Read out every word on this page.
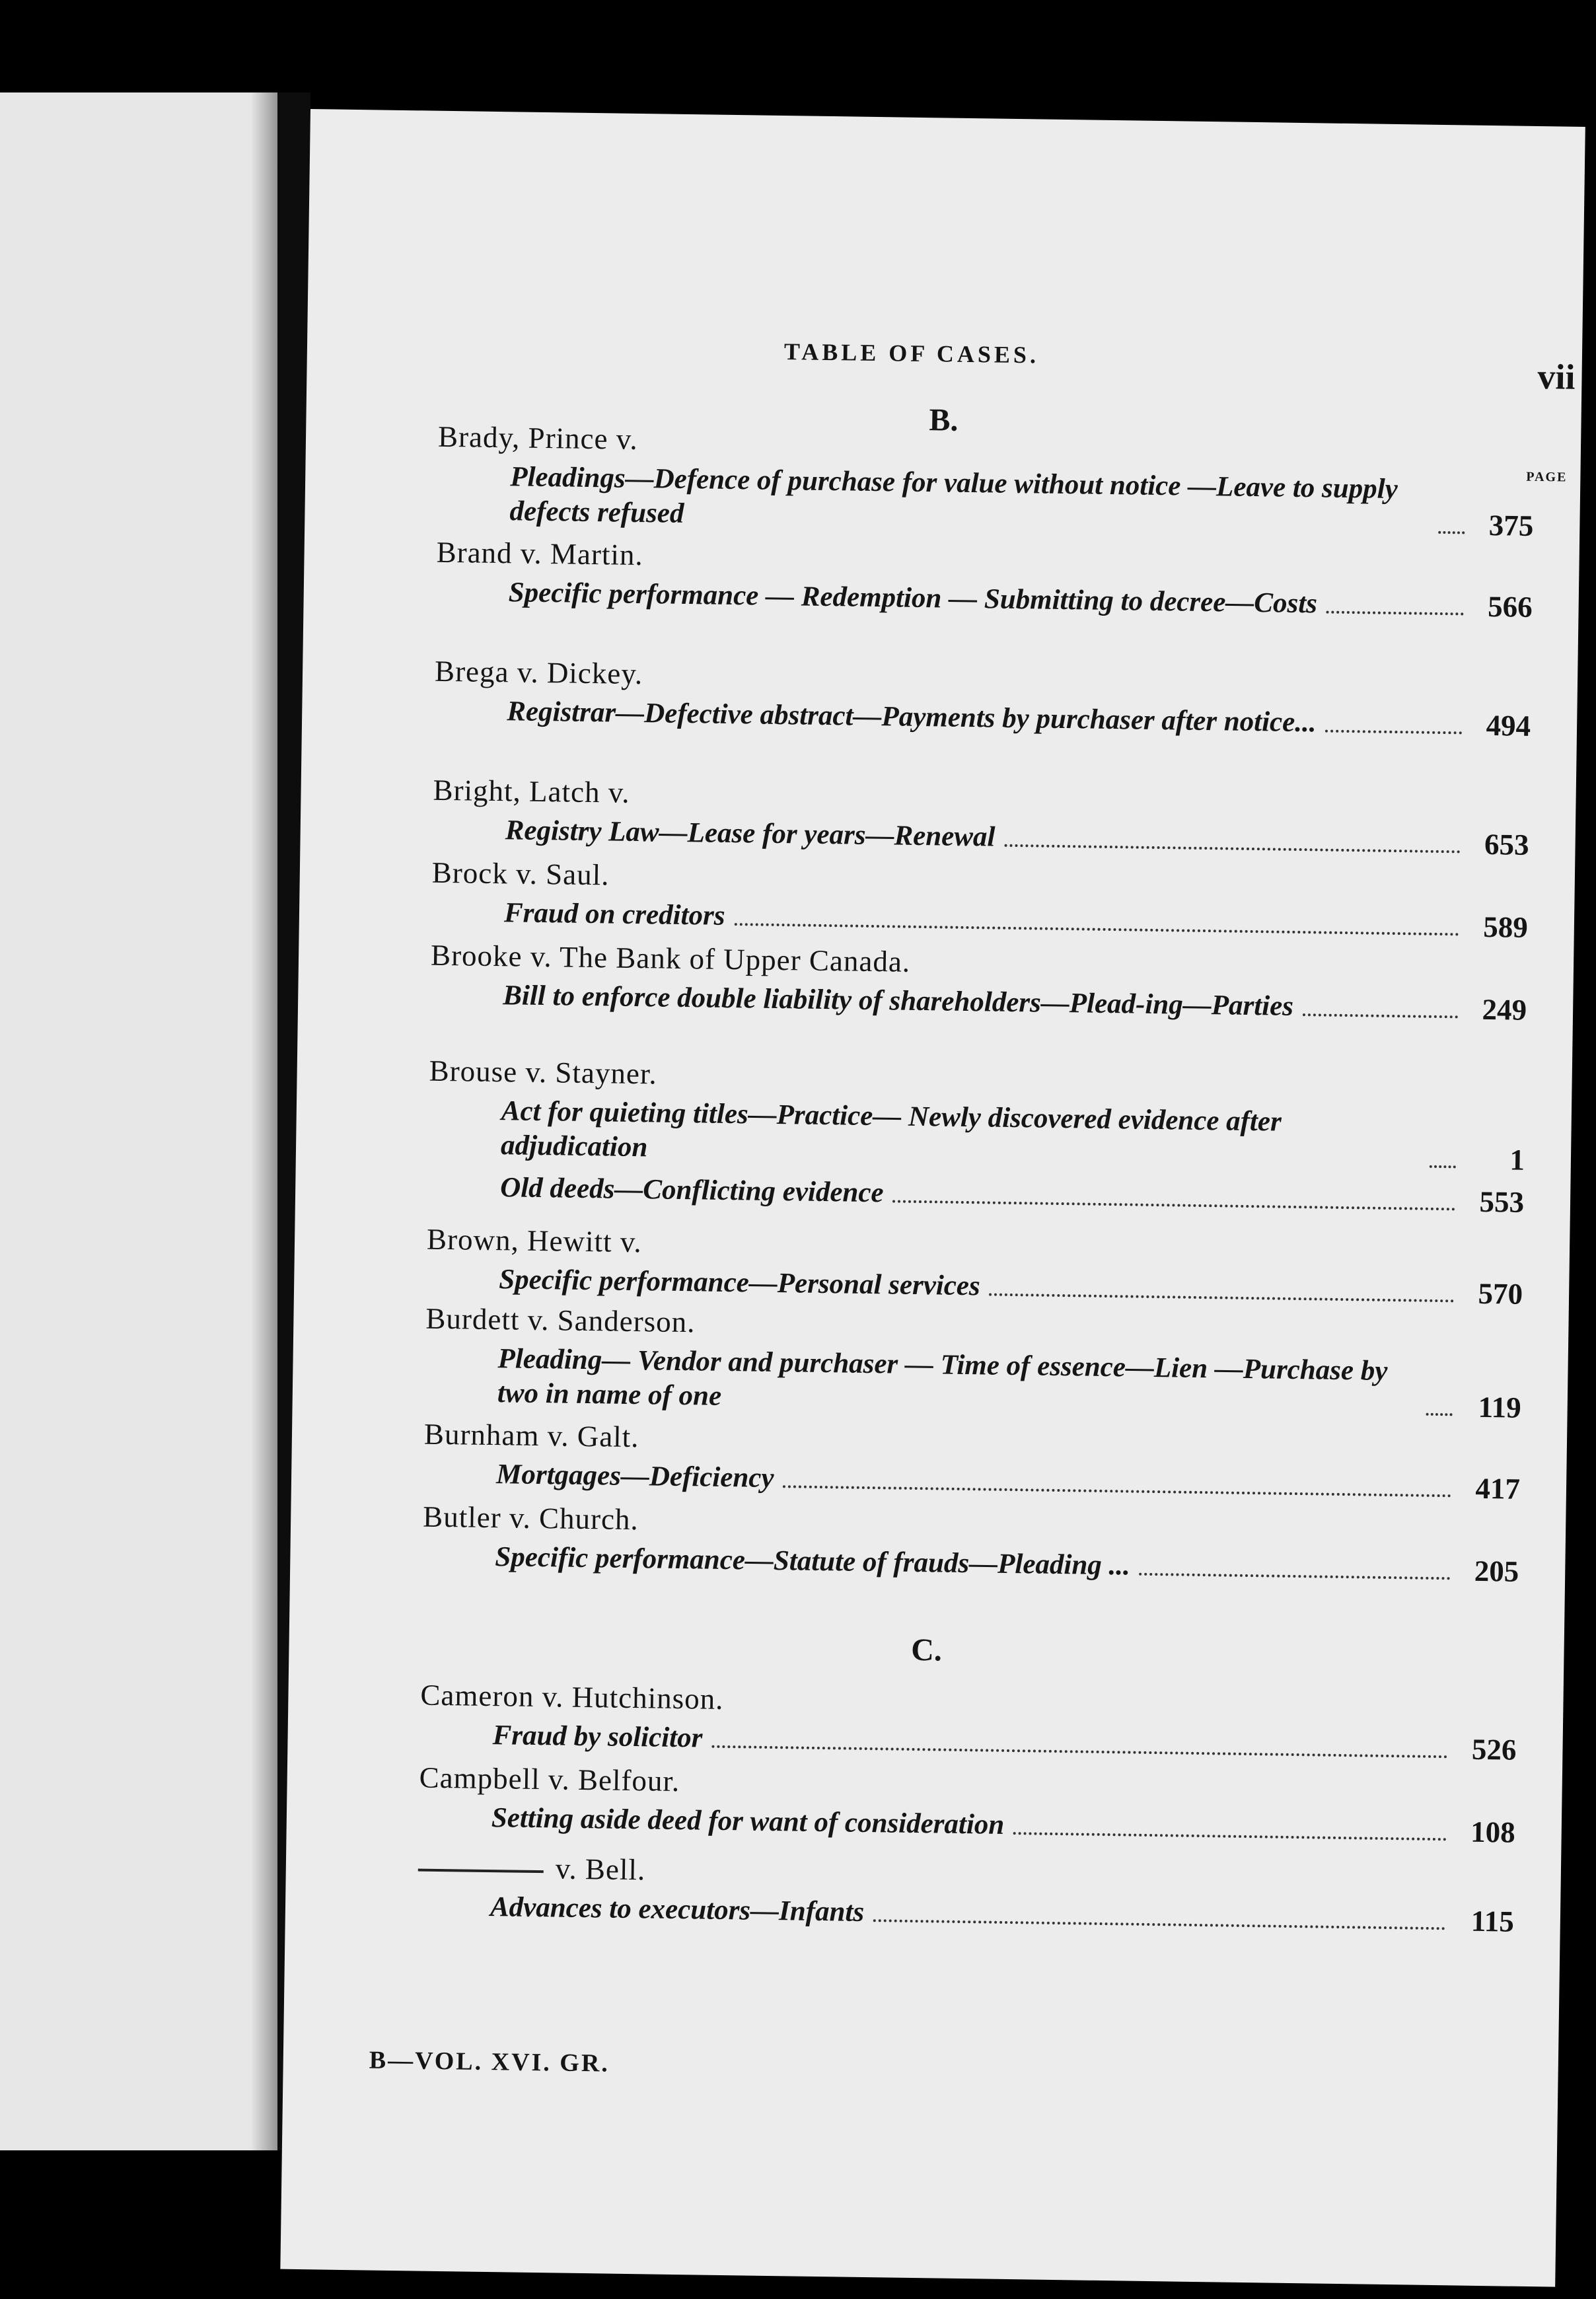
TABLE OF CASES.
vii
B.
PAGE
Brady, Prince v.
Pleadings—Defence of purchase for value without notice —Leave to supply defects refused	375
Brand v. Martin.
Specific performance — Redemption — Submitting to decree—Costs	566
Brega v. Dickey.
Registrar—Defective abstract—Payments by purchaser after notice...	494
Bright, Latch v.
Registry Law—Lease for years—Renewal	653
Brock v. Saul.
Fraud on creditors	589
Brooke v. The Bank of Upper Canada.
Bill to enforce double liability of shareholders—Plead-ing—Parties	249
Brouse v. Stayner.
Act for quieting titles—Practice— Newly discovered evidence after adjudication	1
Old deeds—Conflicting evidence	553
Brown, Hewitt v.
Specific performance—Personal services	570
Burdett v. Sanderson.
Pleading— Vendor and purchaser — Time of essence—Lien —Purchase by two in name of one	119
Burnham v. Galt.
Mortgages—Deficiency	417
Butler v. Church.
Specific performance—Statute of frauds—Pleading ...	205
C.
Cameron v. Hutchinson.
Fraud by solicitor	526
Campbell v. Belfour.
Setting aside deed for want of consideration	108
v. Bell.
Advances to executors—Infants	115
B—VOL. XVI. GR.
